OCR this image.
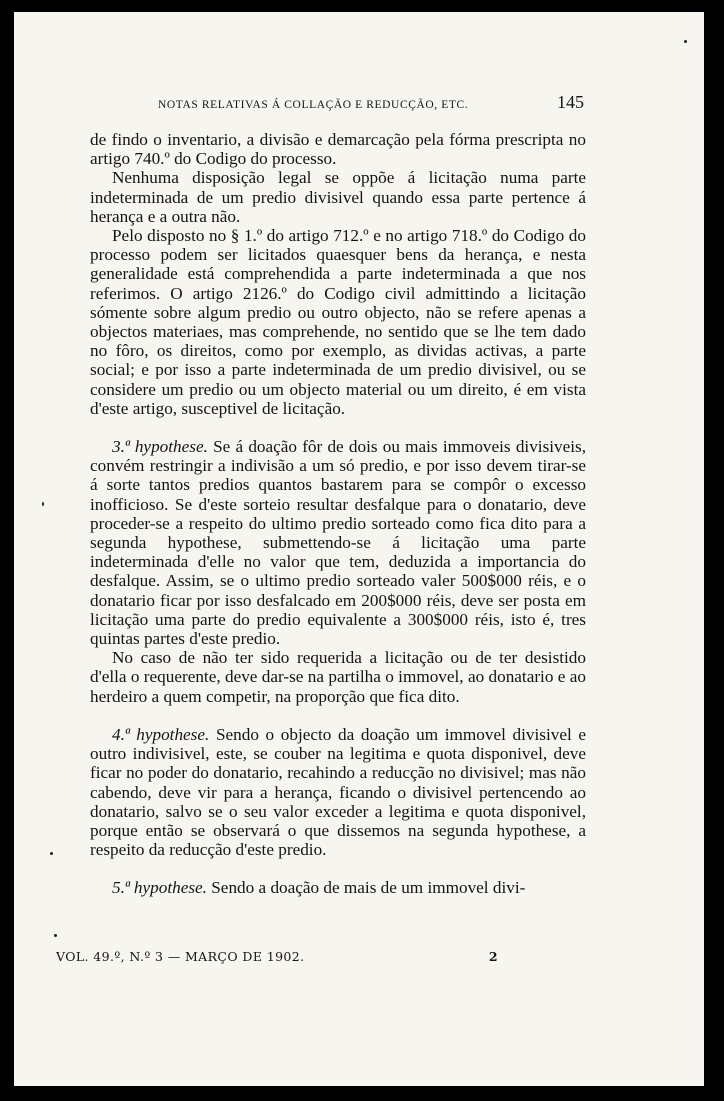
NOTAS RELATIVAS Á COLLAÇÃO E REDUCÇÃO, ETC.	145

de findo o inventario, a divisão e demarcação pela fórma prescripta no artigo 740.º do Codigo do processo.

Nenhuma disposição legal se oppõe á licitação numa parte indeterminada de um predio divisivel quando essa parte pertence á herança e a outra não.

Pelo disposto no § 1.º do artigo 712.º e no artigo 718.º do Codigo do processo podem ser licitados quaesquer bens da herança, e nesta generalidade está comprehendida a parte indeterminada a que nos referimos. O artigo 2126.º do Codigo civil admittindo a licitação sómente sobre algum predio ou outro objecto, não se refere apenas a objectos materiaes, mas comprehende, no sentido que se lhe tem dado no fôro, os direitos, como por exemplo, as dividas activas, a parte social; e por isso a parte indeterminada de um predio divisivel, ou se considere um predio ou um objecto material ou um direito, é em vista d'este artigo, susceptivel de licitação.

3.ª hypothese. Se á doação fôr de dois ou mais immoveis divisiveis, convém restringir a indivisão a um só predio, e por isso devem tirar-se á sorte tantos predios quantos bastarem para se compôr o excesso inofficioso. Se d'este sorteio resultar desfalque para o donatario, deve proceder-se a respeito do ultimo predio sorteado como fica dito para a segunda hypothese, submettendo-se á licitação uma parte indeterminada d'elle no valor que tem, deduzida a importancia do desfalque. Assim, se o ultimo predio sorteado valer 500$000 réis, e o donatario ficar por isso desfalcado em 200$000 réis, deve ser posta em licitação uma parte do predio equivalente a 300$000 réis, isto é, tres quintas partes d'este predio.

No caso de não ter sido requerida a licitação ou de ter desistido d'ella o requerente, deve dar-se na partilha o immovel, ao donatario e ao herdeiro a quem competir, na proporção que fica dito.

4.ª hypothese. Sendo o objecto da doação um immovel divisivel e outro indivisivel, este, se couber na legitima e quota disponivel, deve ficar no poder do donatario, recahindo a reducção no divisivel; mas não cabendo, deve vir para a herança, ficando o divisivel pertencendo ao donatario, salvo se o seu valor exceder a legitima e quota disponivel, porque então se observará o que dissemos na segunda hypothese, a respeito da reducção d'este predio.

5.ª hypothese. Sendo a doação de mais de um immovel divi-

VOL. 49.º, N.º 3 — MARÇO DE 1902.	2
